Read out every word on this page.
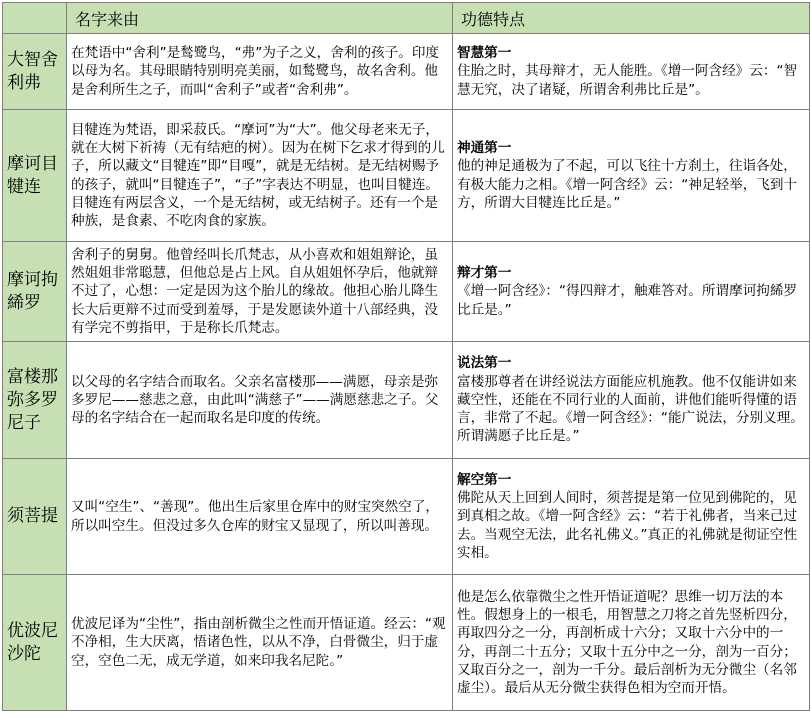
	名字来由	功德特点
大智舍利弗	在梵语中“舍利”是鹙鹭鸟，“弗”为子之义，舍利的孩子。印度以母为名。其母眼睛特别明亮美丽，如鹙鹭鸟，故名舍利。他是舍利所生之子，而叫“舍利子”或者“舍利弗”。	智慧第一
住胎之时，其母辩才，无人能胜。《增一阿含经》云：“智慧无究，决了诸疑，所谓舍利弗比丘是”。
摩诃目犍连	目犍连为梵语，即采菽氏。“摩诃”为“大”。他父母老来无子，就在大树下祈祷（无有结疤的树）。因为在树下乞求才得到的儿子，所以藏文“目犍连”即“目嘎”，就是无结树。是无结树赐予的孩子，就叫“目犍连子”，“子”字表达不明显，也叫目犍连。目犍连有两层含义，一个是无结树，或无结树子。还有一个是种族，是食素、不吃肉食的家族。	神通第一
他的神足通极为了不起，可以飞往十方刹土，往诣各处，有极大能力之相。《增一阿含经》云：“神足轻举，飞到十方，所谓大目犍连比丘是。”
摩诃拘絺罗	舍利子的舅舅。他曾经叫长爪梵志，从小喜欢和姐姐辩论，虽然姐姐非常聪慧，但他总是占上风。自从姐姐怀孕后，他就辩不过了，心想：一定是因为这个胎儿的缘故。他担心胎儿降生长大后更辩不过而受到羞辱，于是发愿读外道十八部经典，没有学完不剪指甲，于是称长爪梵志。	辩才第一
《增一阿含经》：“得四辩才，触难答对。所谓摩诃拘絺罗比丘是。”
富楼那弥多罗尼子	以父母的名字结合而取名。父亲名富楼那——满愿，母亲是弥多罗尼——慈悲之意，由此叫“满慈子”——满愿慈悲之子。父母的名字结合在一起而取名是印度的传统。	说法第一
富楼那尊者在讲经说法方面能应机施教。他不仅能讲如来藏空性，还能在不同行业的人面前，讲他们能听得懂的语言，非常了不起。《增一阿含经》：“能广说法，分别义理。所谓满愿子比丘是。”
须菩提	又叫“空生”、“善现”。他出生后家里仓库中的财宝突然空了，所以叫空生。但没过多久仓库的财宝又显现了，所以叫善现。	解空第一
佛陀从天上回到人间时，须菩提是第一位见到佛陀的，见到真相之故。《增一阿含经》云：“若于礼佛者，当来己过去。当观空无法，此名礼佛义。”真正的礼佛就是彻证空性实相。
优波尼沙陀	优波尼译为“尘性”，指由剖析微尘之性而开悟证道。经云：“观不净相，生大厌离，悟诸色性，以从不净，白骨微尘，归于虚空，空色二无，成无学道，如来印我名尼陀。”	他是怎么依靠微尘之性开悟证道呢？思维一切万法的本性。假想身上的一根毛，用智慧之刀将之首先竖析四分，再取四分之一分，再剖析成十六分；又取十六分中的一分，再剖二十五分；又取十五分中之一分，剖为一百分；又取百分之一，剖为一千分。最后剖析为无分微尘（名邻虚尘）。最后从无分微尘获得色相为空而开悟。
